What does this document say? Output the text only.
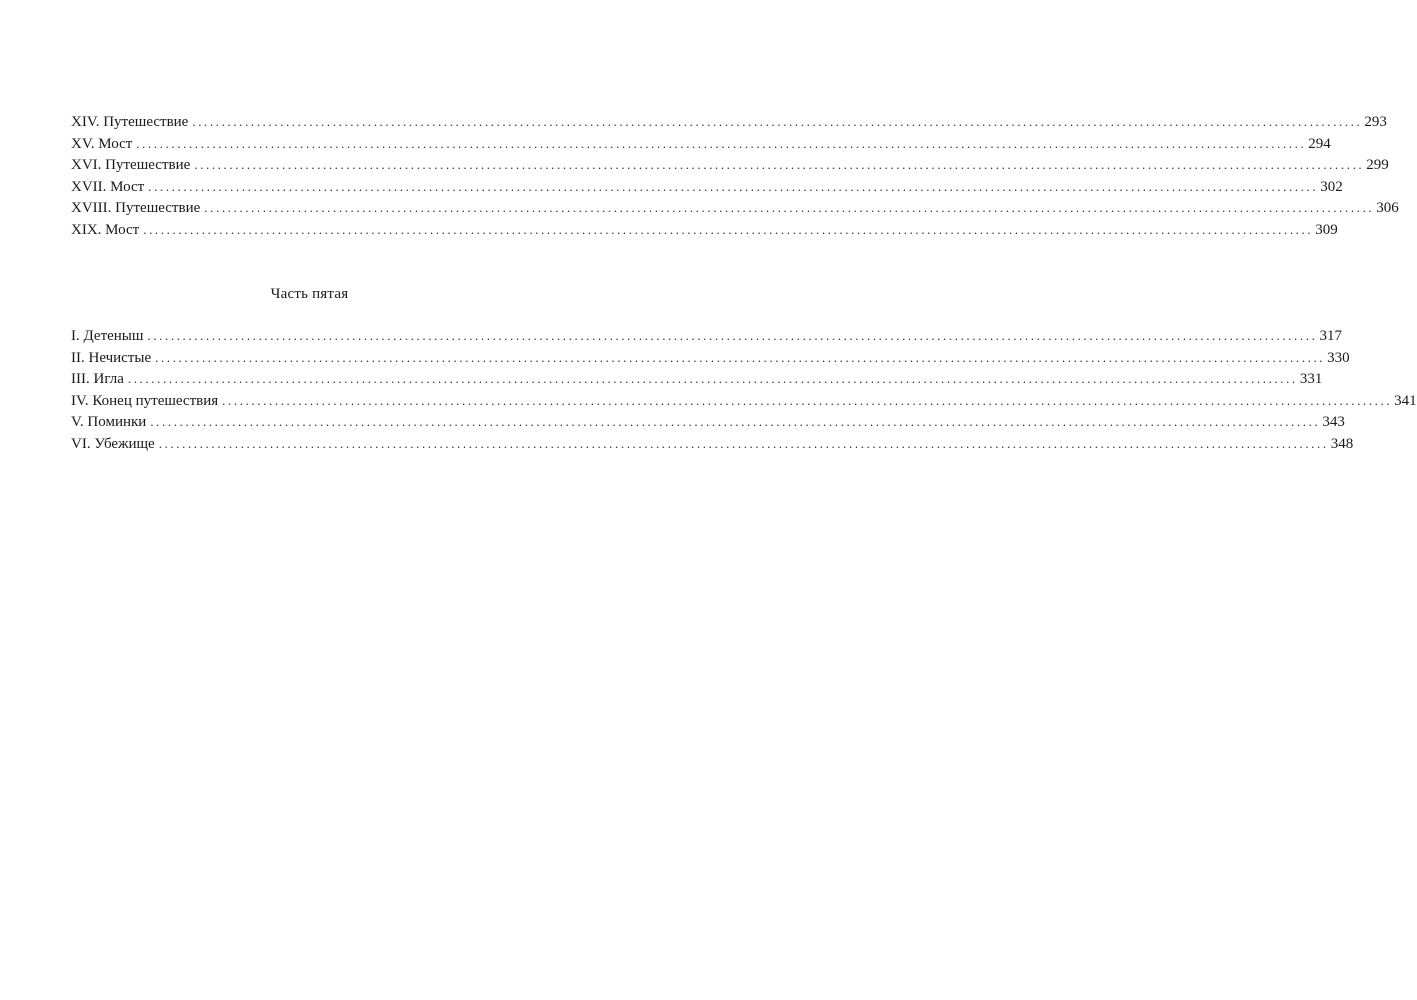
XIV. Путешествие ........................................................................................................................................................................................................ 293
XV. Мост ........................................................................................................................................................................................................ 294
XVI. Путешествие ........................................................................................................................................................................................................ 299
XVII. Мост ........................................................................................................................................................................................................ 302
XVIII. Путешествие ........................................................................................................................................................................................................ 306
XIX. Мост ........................................................................................................................................................................................................ 309
Часть пятая
I. Детеныш ........................................................................................................................................................................................................ 317
II. Нечистые ........................................................................................................................................................................................................ 330
III. Игла ........................................................................................................................................................................................................ 331
IV. Конец путешествия ........................................................................................................................................................................................................ 341
V. Поминки ........................................................................................................................................................................................................ 343
VI. Убежище ........................................................................................................................................................................................................ 348
